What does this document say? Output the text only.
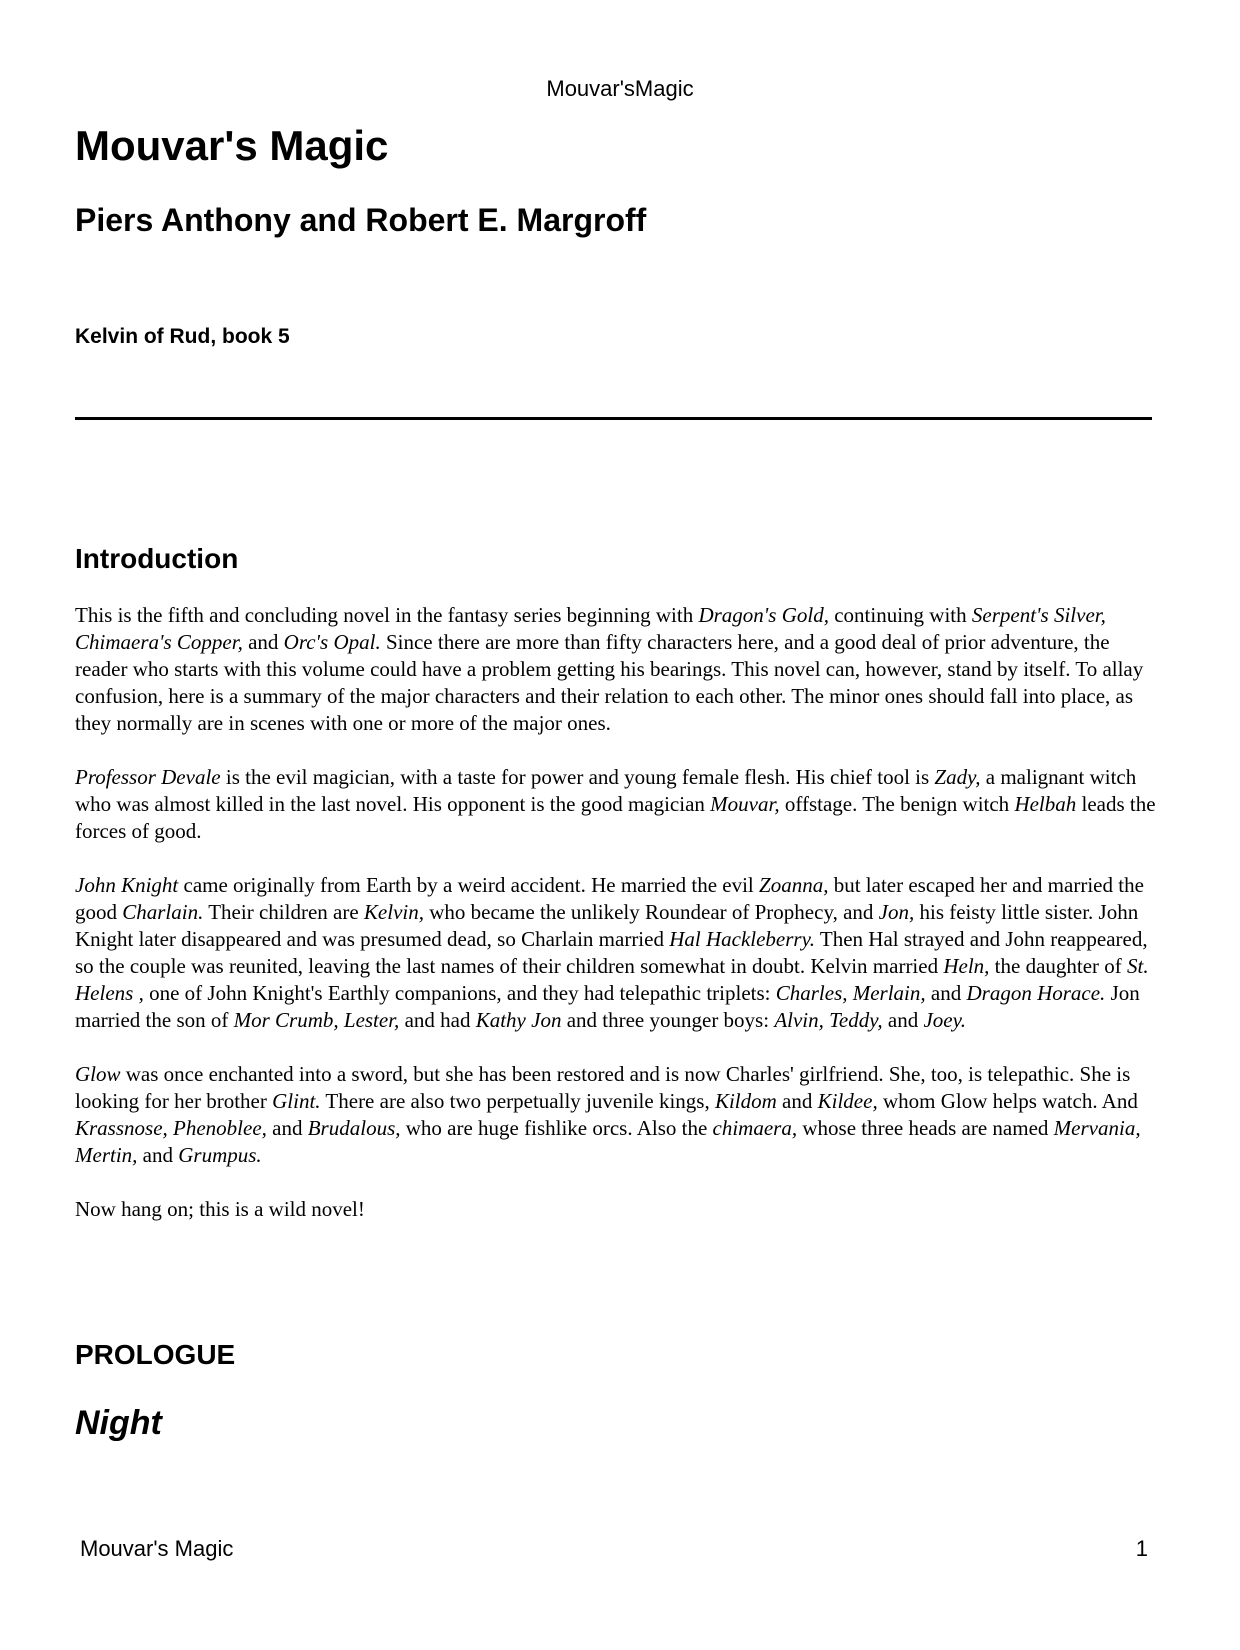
Mouvar'sMagic
Mouvar's Magic
Piers Anthony and Robert E. Margroff
Kelvin of Rud, book 5
Introduction

This is the fifth and concluding novel in the fantasy series beginning with Dragon's Gold, continuing with Serpent's Silver, Chimaera's Copper, and Orc's Opal. Since there are more than fifty characters here, and a good deal of prior adventure, the reader who starts with this volume could have a problem getting his bearings. This novel can, however, stand by itself. To allay confusion, here is a summary of the major characters and their relation to each other. The minor ones should fall into place, as they normally are in scenes with one or more of the major ones.

Professor Devale is the evil magician, with a taste for power and young female flesh. His chief tool is Zady, a malignant witch who was almost killed in the last novel. His opponent is the good magician Mouvar, offstage. The benign witch Helbah leads the forces of good.

John Knight came originally from Earth by a weird accident. He married the evil Zoanna, but later escaped her and married the good Charlain. Their children are Kelvin, who became the unlikely Roundear of Prophecy, and Jon, his feisty little sister. John Knight later disappeared and was presumed dead, so Charlain married Hal Hackleberry. Then Hal strayed and John reappeared, so the couple was reunited, leaving the last names of their children somewhat in doubt. Kelvin married Heln, the daughter of St. Helens , one of John Knight's Earthly companions, and they had telepathic triplets: Charles, Merlain, and Dragon Horace. Jon married the son of Mor Crumb, Lester, and had Kathy Jon and three younger boys: Alvin, Teddy, and Joey.

Glow was once enchanted into a sword, but she has been restored and is now Charles' girlfriend. She, too, is telepathic. She is looking for her brother Glint. There are also two perpetually juvenile kings, Kildom and Kildee, whom Glow helps watch. And Krassnose, Phenoblee, and Brudalous, who are huge fishlike orcs. Also the chimaera, whose three heads are named Mervania, Mertin, and Grumpus.

Now hang on; this is a wild novel!

PROLOGUE
Night
Mouvar's Magic	1
